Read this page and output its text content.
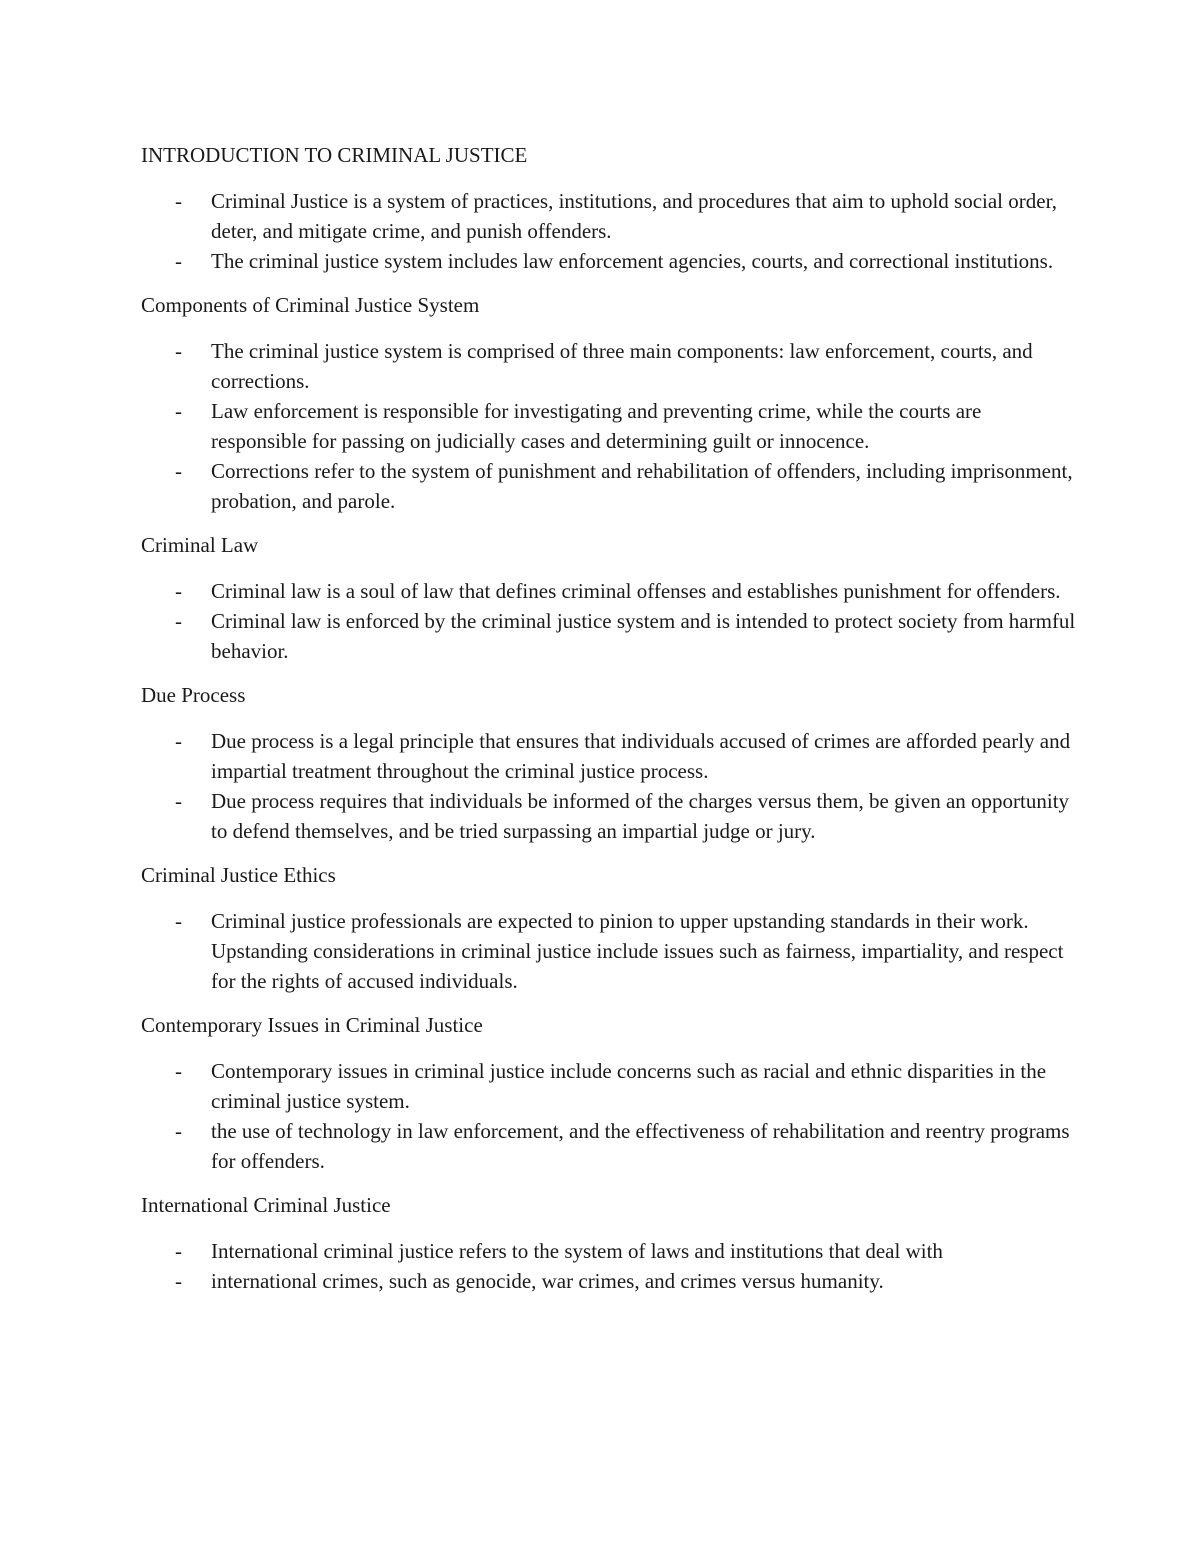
INTRODUCTION TO CRIMINAL JUSTICE

- Criminal Justice is a system of practices, institutions, and procedures that aim to uphold social order, deter, and mitigate crime, and punish offenders.
- The criminal justice system includes law enforcement agencies, courts, and correctional institutions.

Components of Criminal Justice System

- The criminal justice system is comprised of three main components: law enforcement, courts, and corrections.
- Law enforcement is responsible for investigating and preventing crime, while the courts are responsible for passing on judicially cases and determining guilt or innocence.
- Corrections refer to the system of punishment and rehabilitation of offenders, including imprisonment, probation, and parole.

Criminal Law

- Criminal law is a soul of law that defines criminal offenses and establishes punishment for offenders.
- Criminal law is enforced by the criminal justice system and is intended to protect society from harmful behavior.

Due Process

- Due process is a legal principle that ensures that individuals accused of crimes are afforded pearly and impartial treatment throughout the criminal justice process.
- Due process requires that individuals be informed of the charges versus them, be given an opportunity to defend themselves, and be tried surpassing an impartial judge or jury.

Criminal Justice Ethics

- Criminal justice professionals are expected to pinion to upper upstanding standards in their work.
Upstanding considerations in criminal justice include issues such as fairness, impartiality, and respect for the rights of accused individuals.

Contemporary Issues in Criminal Justice

- Contemporary issues in criminal justice include concerns such as racial and ethnic disparities in the criminal justice system.
- the use of technology in law enforcement, and the effectiveness of rehabilitation and reentry programs for offenders.

International Criminal Justice

- International criminal justice refers to the system of laws and institutions that deal with
- international crimes, such as genocide, war crimes, and crimes versus humanity.
